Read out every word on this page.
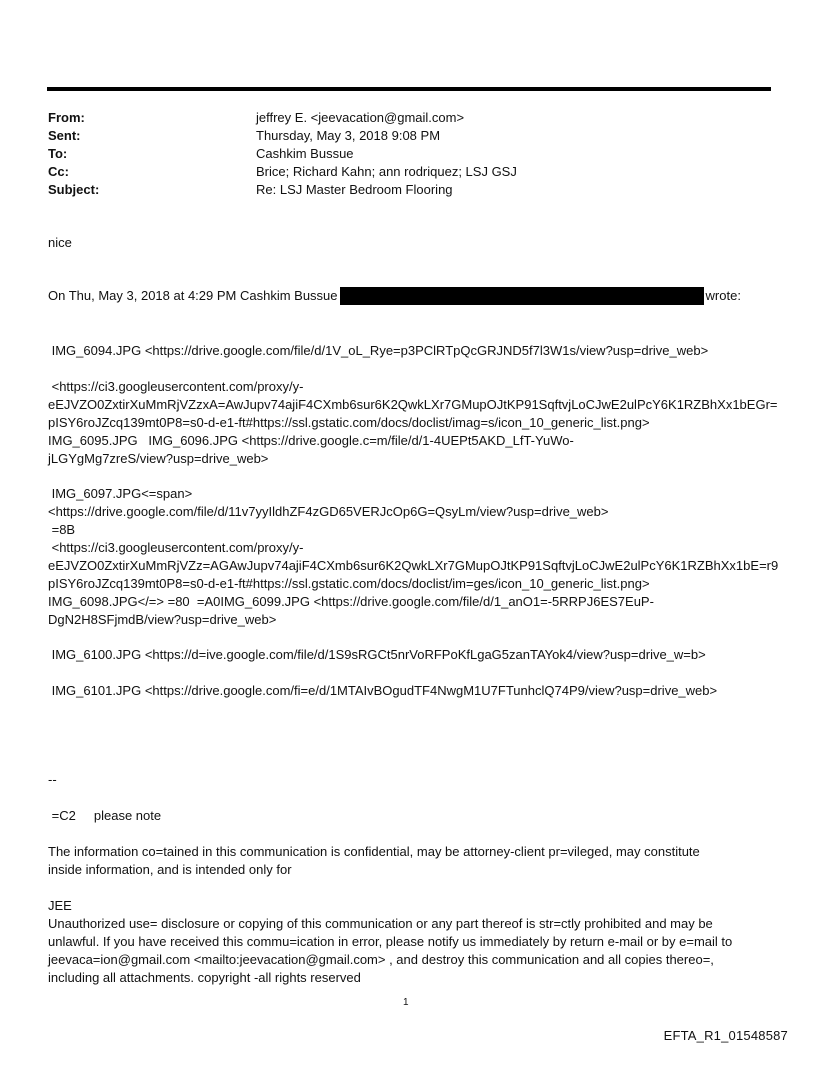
From:	jeffrey E. <jeevacation@gmail.com>
Sent:	Thursday, May 3, 2018 9:08 PM
To:	Cashkim Bussue
Cc:	Brice; Richard Kahn; ann rodriquez; LSJ GSJ
Subject:	Re: LSJ Master Bedroom Flooring
nice
On Thu, May 3, 2018 at 4:29 PM Cashkim Bussue	wrote:
IMG_6094.JPG <https://drive.google.com/file/d/1V_oL_Rye=p3PClRTpQcGRJND5f7l3W1s/view?usp=drive_web>
<https://ci3.googleusercontent.com/proxy/y-
eEJVZO0ZxtirXuMmRjVZzxA=AwJupv74ajiF4CXmb6sur6K2QwkLXr7GMupOJtKP91SqftvjLoCJwE2ulPcY6K1RZBhXx1bEGr=
pISY6roJZcq139mt0P8=s0-d-e1-ft#https://ssl.gstatic.com/docs/doclist/imag=s/icon_10_generic_list.png>
IMG_6095.JPG   IMG_6096.JPG <https://drive.google.c=m/file/d/1-4UEPt5AKD_LfT-YuWo-
jLGYgMg7zreS/view?usp=drive_web>
IMG_6097.JPG<=span>
<https://drive.google.com/file/d/11v7yyIldhZF4zGD65VERJcOp6G=QsyLm/view?usp=drive_web>
=8B
<https://ci3.googleusercontent.com/proxy/y-
eEJVZO0ZxtirXuMmRjVZz=AGAwJupv74ajiF4CXmb6sur6K2QwkLXr7GMupOJtKP91SqftvjLoCJwE2ulPcY6K1RZBhXx1bE=r9
pISY6roJZcq139mt0P8=s0-d-e1-ft#https://ssl.gstatic.com/docs/doclist/im=ges/icon_10_generic_list.png>
IMG_6098.JPG</=> =80  =A0IMG_6099.JPG <https://drive.google.com/file/d/1_anO1=-5RRPJ6ES7EuP-
DgN2H8SFjmdB/view?usp=drive_web>
IMG_6100.JPG <https://d=ive.google.com/file/d/1S9sRGCt5nrVoRFPoKfLgaG5zanTAYok4/view?usp=drive_w=b>
IMG_6101.JPG <https://drive.google.com/fi=e/d/1MTAIvBOgudTF4NwgM1U7FTunhclQ74P9/view?usp=drive_web>
--
=C2     please note
The information co=tained in this communication is confidential, may be attorney-client pr=vileged, may constitute
inside information, and is intended only for
JEE
Unauthorized use= disclosure or copying of this communication or any part thereof is str=ctly prohibited and may be
unlawful. If you have received this commu=ication in error, please notify us immediately by return e-mail or by e=mail to
jeevaca=ion@gmail.com <mailto:jeevacation@gmail.com> , and destroy this communication and all copies thereo=,
including all attachments. copyright -all rights reserved
1
EFTA_R1_01548587
